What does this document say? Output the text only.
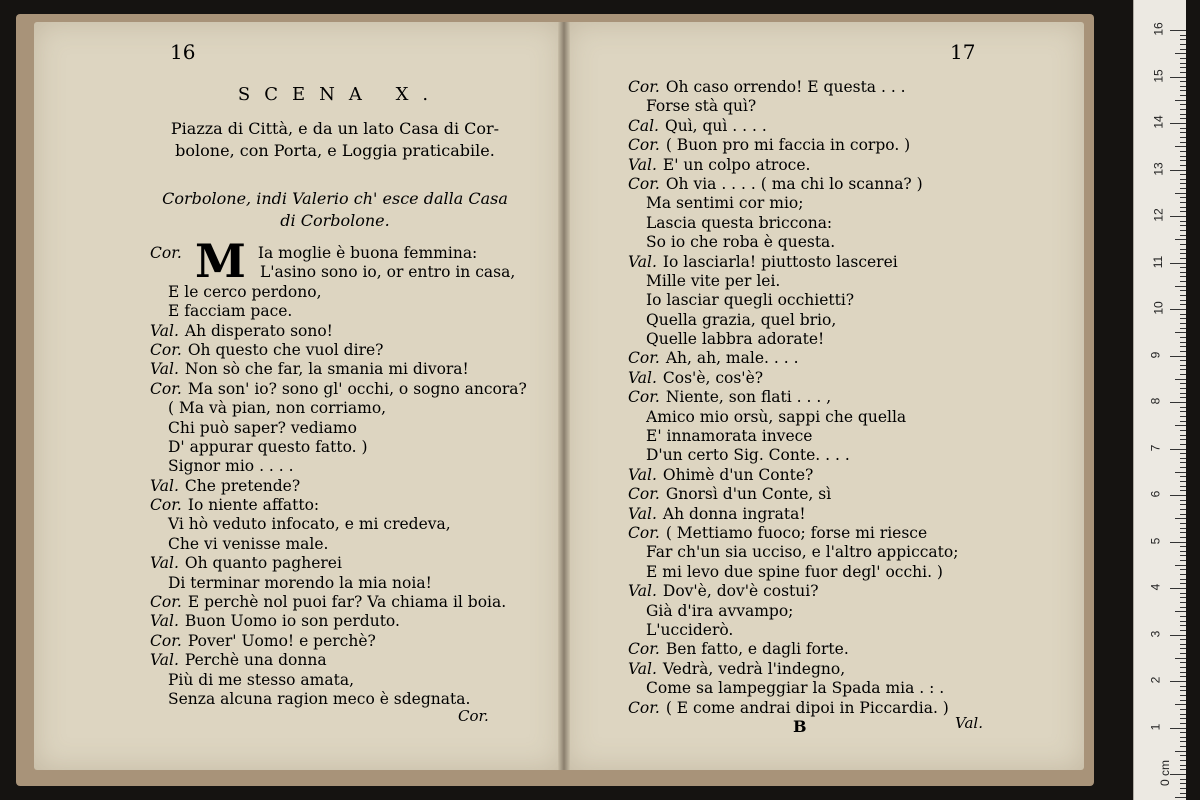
16	17
SCENA X.
Piazza di Città, e da un lato Casa di Cor-
bolone, con Porta, e Loggia praticabile.
Corbolone, indi Valerio ch' esce dalla Casa
di Corbolone.
M
Cor.	Ia moglie è buona femmina:
L'asino sono io, or entro in casa,
E le cerco perdono,
E facciam pace.
Val. Ah disperato sono!
Cor. Oh questo che vuol dire?
Val. Non sò che far, la smania mi divora!
Cor. Ma son' io? sono gl' occhi, o sogno ancora?
( Ma và pian, non corriamo,
Chi può saper? vediamo
D' appurar questo fatto. )
Signor mio . . . .
Val. Che pretende?
Cor. Io niente affatto:
Vi hò veduto infocato, e mi credeva,
Che vi venisse male.
Val. Oh quanto pagherei
Di terminar morendo la mia noia!
Cor. E perchè nol puoi far? Va chiama il boia.
Val. Buon Uomo io son perduto.
Cor. Pover' Uomo! e perchè?
Val. Perchè una donna
Più di me stesso amata,
Senza alcuna ragion meco è sdegnata.
Cor. Oh caso orrendo! E questa . . .
Forse stà quì?
Cal. Quì, quì . . . .
Cor. ( Buon pro mi faccia in corpo. )
Val. E' un colpo atroce.
Cor. Oh via . . . . ( ma chi lo scanna? )
Ma sentimi cor mio;
Lascia questa briccona:
So io che roba è questa.
Val. Io lasciarla! piuttosto lascerei
Mille vite per lei.
Io lasciar quegli occhietti?
Quella grazia, quel brio,
Quelle labbra adorate!
Cor. Ah, ah, male. . . .
Val. Cos'è, cos'è?
Cor. Niente, son flati . . . ,
Amico mio orsù, sappi che quella
E' innamorata invece
D'un certo Sig. Conte. . . .
Val. Ohimè d'un Conte?
Cor. Gnorsì d'un Conte, sì
Val. Ah donna ingrata!
Cor. ( Mettiamo fuoco; forse mi riesce
Far ch'un sia ucciso, e l'altro appiccato;
E mi levo due spine fuor degl' occhi. )
Val. Dov'è, dov'è costui?
Già d'ira avvampo;
L'ucciderò.
Cor. Ben fatto, e dagli forte.
Val. Vedrà, vedrà l'indegno,
Come sa lampeggiar la Spada mia . : .
Cor. ( E come andrai dipoi in Piccardia. )
Cor.
B	Val.
16
15
14
13
12
11
10
9
8
7
6
5
4
3
2
1
0 cm
